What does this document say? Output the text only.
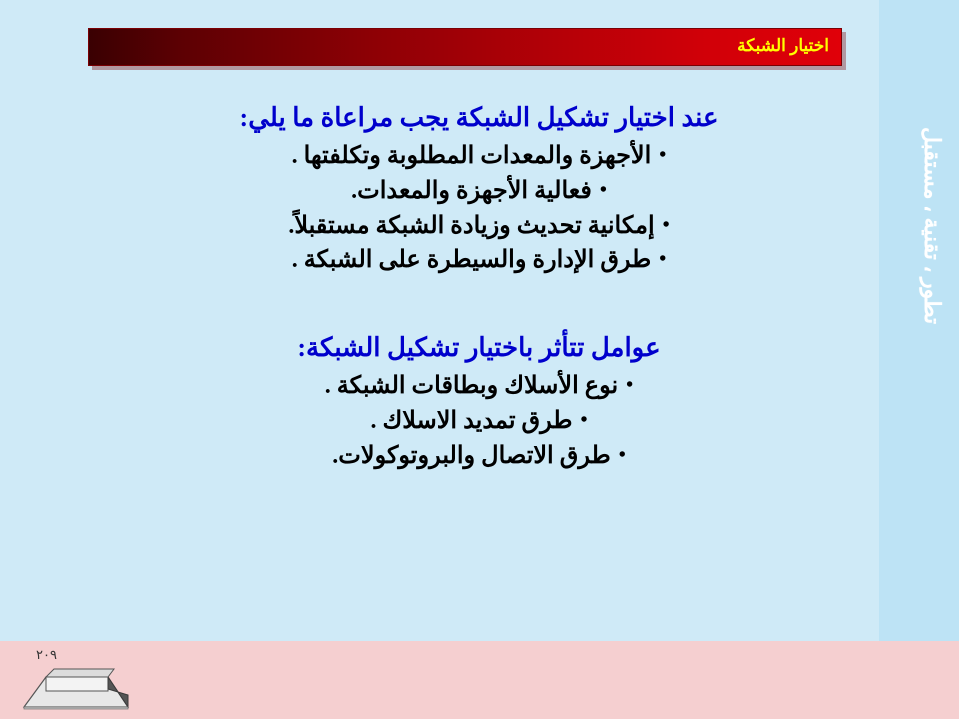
تطور ، تقنية ، مستقبل
اختيار الشبكة

عند اختيار تشكيل الشبكة يجب مراعاة ما يلي:

•الأجهزة والمعدات المطلوبة وتكلفتها .
•فعالية الأجهزة والمعدات.
•إمكانية تحديث وزيادة الشبكة مستقبلاً.
•طرق الإدارة والسيطرة على الشبكة .

عوامل تتأثر باختيار تشكيل الشبكة:

•نوع الأسلاك وبطاقات الشبكة .
•طرق تمديد الاسلاك .
•طرق الاتصال والبروتوكولات.
٢٠٩
